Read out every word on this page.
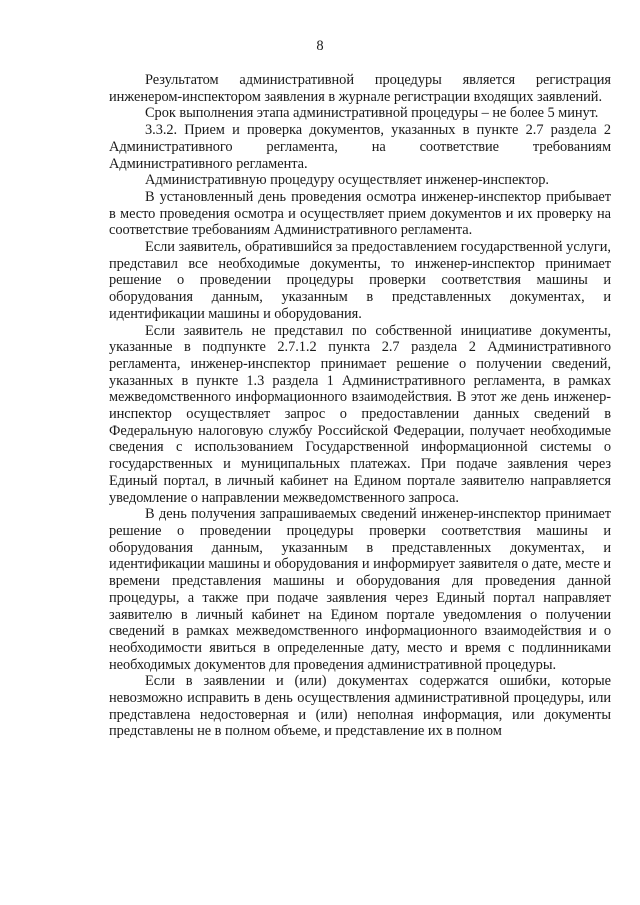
8

Результатом административной процедуры является регистрация инженером-инспектором заявления в журнале регистрации входящих заявлений.

Срок выполнения этапа административной процедуры – не более 5 минут.

3.3.2. Прием и проверка документов, указанных в пункте 2.7 раздела 2 Административного регламента, на соответствие требованиям Административного регламента.

Административную процедуру осуществляет инженер-инспектор.

В установленный день проведения осмотра инженер-инспектор прибывает в место проведения осмотра и осуществляет прием документов и их проверку на соответствие требованиям Административного регламента.

Если заявитель, обратившийся за предоставлением государственной услуги, представил все необходимые документы, то инженер-инспектор принимает решение о проведении процедуры проверки соответствия машины и оборудования данным, указанным в представленных документах, и идентификации машины и оборудования.

Если заявитель не представил по собственной инициативе документы, указанные в подпункте 2.7.1.2 пункта 2.7 раздела 2 Административного регламента, инженер-инспектор принимает решение о получении сведений, указанных в пункте 1.3 раздела 1 Административного регламента, в рамках межведомственного информационного взаимодействия. В этот же день инженер-инспектор осуществляет запрос о предоставлении данных сведений в Федеральную налоговую службу Российской Федерации, получает необходимые сведения с использованием Государственной информационной системы о государственных и муниципальных платежах. При подаче заявления через Единый портал, в личный кабинет на Едином портале заявителю направляется уведомление о направлении межведомственного запроса.

В день получения запрашиваемых сведений инженер-инспектор принимает решение о проведении процедуры проверки соответствия машины и оборудования данным, указанным в представленных документах, и идентификации машины и оборудования и информирует заявителя о дате, месте и времени представления машины и оборудования для проведения данной процедуры, а также при подаче заявления через Единый портал направляет заявителю в личный кабинет на Едином портале уведомления о получении сведений в рамках межведомственного информационного взаимодействия и о необходимости явиться в определенные дату, место и время с подлинниками необходимых документов для проведения административной процедуры.

Если в заявлении и (или) документах содержатся ошибки, которые невозможно исправить в день осуществления административной процедуры, или представлена недостоверная и (или) неполная информация, или документы представлены не в полном объеме, и представление их в полном
